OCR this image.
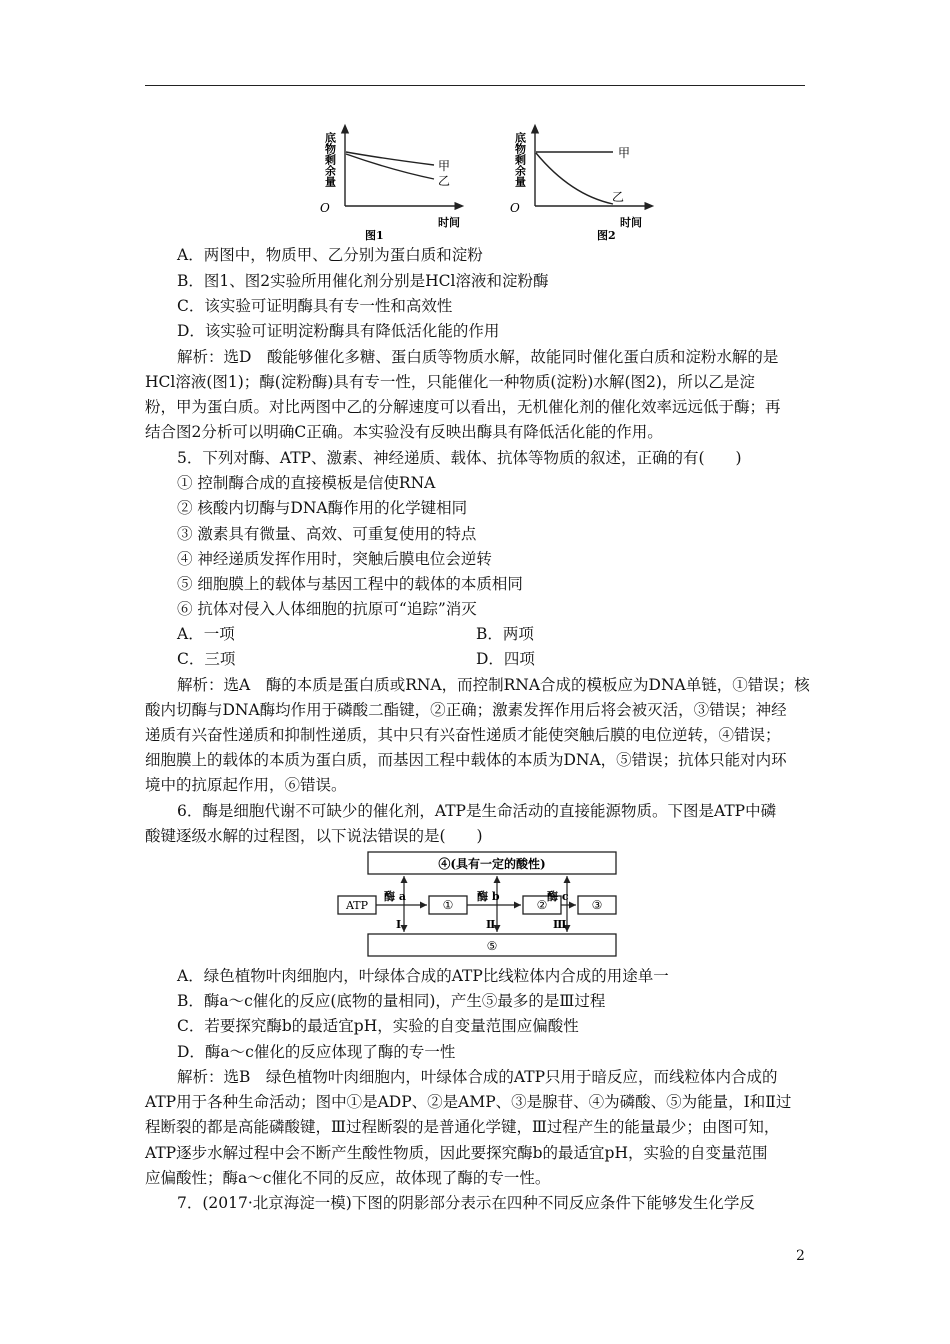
底物剩余量
O
时间
甲
乙
图1
底物剩余量
O
时间
甲
乙
图2
A．两图中，物质甲、乙分别为蛋白质和淀粉
B．图1、图2实验所用催化剂分别是HCl溶液和淀粉酶
C．该实验可证明酶具有专一性和高效性
D．该实验可证明淀粉酶具有降低活化能的作用
解析：选D　酸能够催化多糖、蛋白质等物质水解，故能同时催化蛋白质和淀粉水解的是
HCl溶液(图1)；酶(淀粉酶)具有专一性，只能催化一种物质(淀粉)水解(图2)，所以乙是淀
粉，甲为蛋白质。对比两图中乙的分解速度可以看出，无机催化剂的催化效率远远低于酶；再
结合图2分析可以明确C正确。本实验没有反映出酶具有降低活化能的作用。
5．下列对酶、ATP、激素、神经递质、载体、抗体等物质的叙述，正确的有(　　)
① 控制酶合成的直接模板是信使RNA
② 核酸内切酶与DNA酶作用的化学键相同
③ 激素具有微量、高效、可重复使用的特点
④ 神经递质发挥作用时，突触后膜电位会逆转
⑤ 细胞膜上的载体与基因工程中的载体的本质相同
⑥ 抗体对侵入人体细胞的抗原可“追踪”消灭
A．一项	B．两项
C．三项	D．四项
解析：选A　酶的本质是蛋白质或RNA，而控制RNA合成的模板应为DNA单链，①错误；核
酸内切酶与DNA酶均作用于磷酸二酯键，②正确；激素发挥作用后将会被灭活，③错误；神经
递质有兴奋性递质和抑制性递质，其中只有兴奋性递质才能使突触后膜的电位逆转，④错误；
细胞膜上的载体的本质为蛋白质，而基因工程中载体的本质为DNA，⑤错误；抗体只能对内环
境中的抗原起作用，⑥错误。
6．酶是细胞代谢不可缺少的催化剂，ATP是生命活动的直接能源物质。下图是ATP中磷
酸键逐级水解的过程图，以下说法错误的是(　　)
④(具有一定的酸性)
⑤
ATP	①	②	③
酶 a	酶 b	酶 c
Ⅰ	Ⅱ	Ⅲ
A．绿色植物叶肉细胞内，叶绿体合成的ATP比线粒体内合成的用途单一
B．酶a～c催化的反应(底物的量相同)，产生⑤最多的是Ⅲ过程
C．若要探究酶b的最适宜pH，实验的自变量范围应偏酸性
D．酶a～c催化的反应体现了酶的专一性
解析：选B　绿色植物叶肉细胞内，叶绿体合成的ATP只用于暗反应，而线粒体内合成的
ATP用于各种生命活动；图中①是ADP、②是AMP、③是腺苷、④为磷酸、⑤为能量，Ⅰ和Ⅱ过
程断裂的都是高能磷酸键，Ⅲ过程断裂的是普通化学键，Ⅲ过程产生的能量最少；由图可知，
ATP逐步水解过程中会不断产生酸性物质，因此要探究酶b的最适宜pH，实验的自变量范围
应偏酸性；酶a～c催化不同的反应，故体现了酶的专一性。
7．(2017·北京海淀一模)下图的阴影部分表示在四种不同反应条件下能够发生化学反
2
